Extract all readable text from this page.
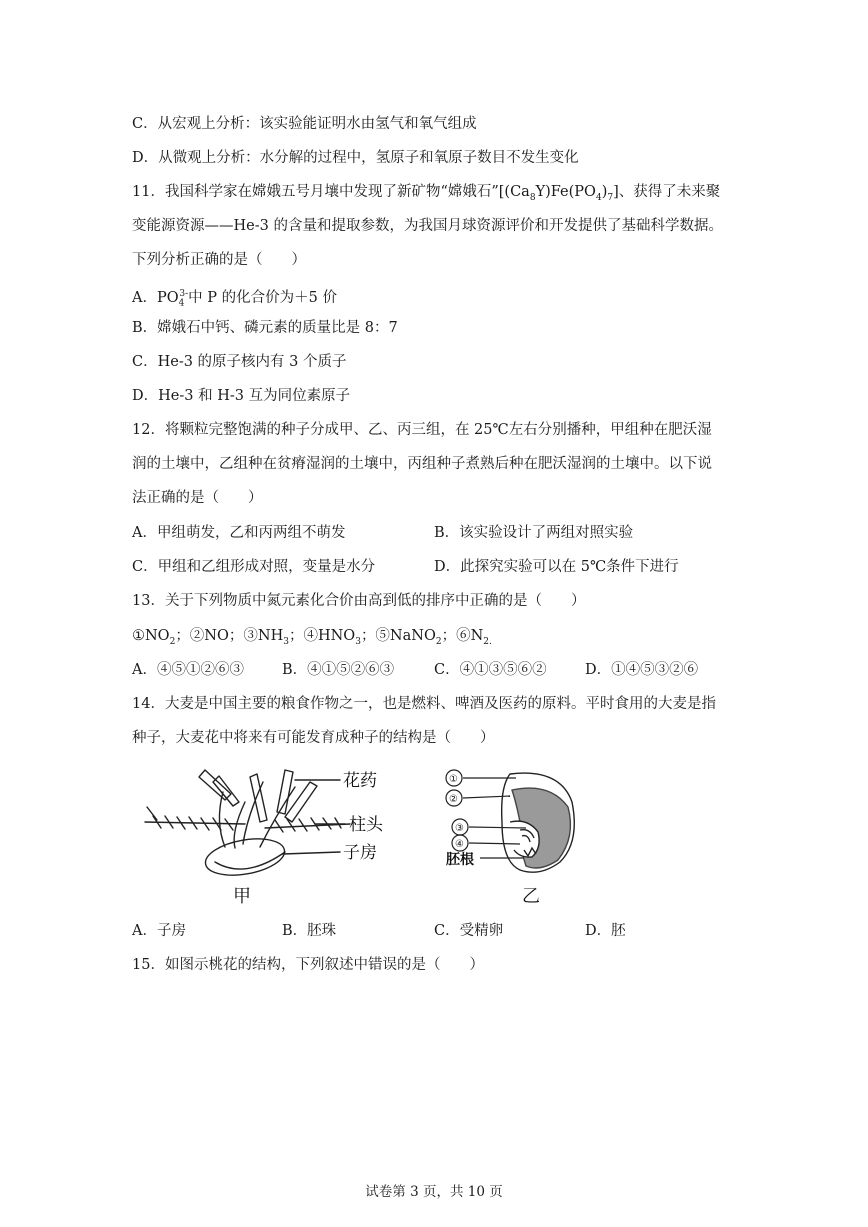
C．从宏观上分析：该实验能证明水由氢气和氧气组成
D．从微观上分析：水分解的过程中，氢原子和氧原子数目不发生变化
11．我国科学家在嫦娥五号月壤中发现了新矿物“嫦娥石$”[(Ca_8Y)Fe(PO_4)_7]$、获得了未来聚
变能源资源——He-3 的含量和提取参数，为我国月球资源评价和开发提供了基础科学数据。
下列分析正确的是（　　）
A．$PO_4^{3-}$中 P 的化合价为＋5 价
B．嫦娥石中钙、磷元素的质量比是 8：7
C．He-3 的原子核内有 3 个质子
D．He-3 和 H-3 互为同位素原子
12．将颗粒完整饱满的种子分成甲、乙、丙三组，在 25℃左右分别播种，甲组种在肥沃湿
润的土壤中，乙组种在贫瘠湿润的土壤中，丙组种子煮熟后种在肥沃湿润的土壤中。以下说
法正确的是（　　）
A．甲组萌发，乙和丙两组不萌发	B．该实验设计了两组对照实验
C．甲组和乙组形成对照，变量是水分	D．此探究实验可以在 5℃条件下进行
13．关于下列物质中氮元素化合价由高到低的排序中正确的是（　　）
$①NO_2$；②NO；$③NH_3$；$④HNO_3$；⑤NaNO$_2$；$⑥N_{2.}$
A．④⑤①②⑥③	B．④①⑤②⑥③	C．④①③⑤⑥②	D．①④⑤③②⑥
14．大麦是中国主要的粮食作物之一，也是燃料、啤酒及医药的原料。平时食用的大麦是指
种子，大麦花中将来有可能发育成种子的结构是（　　）
花药
柱头
子房
甲
①
②
③
④
胚根
乙
A．子房	B．胚珠	C．受精卵	D．胚
15．如图示桃花的结构，下列叙述中错误的是（　　）
试卷第 3 页，共 10 页
